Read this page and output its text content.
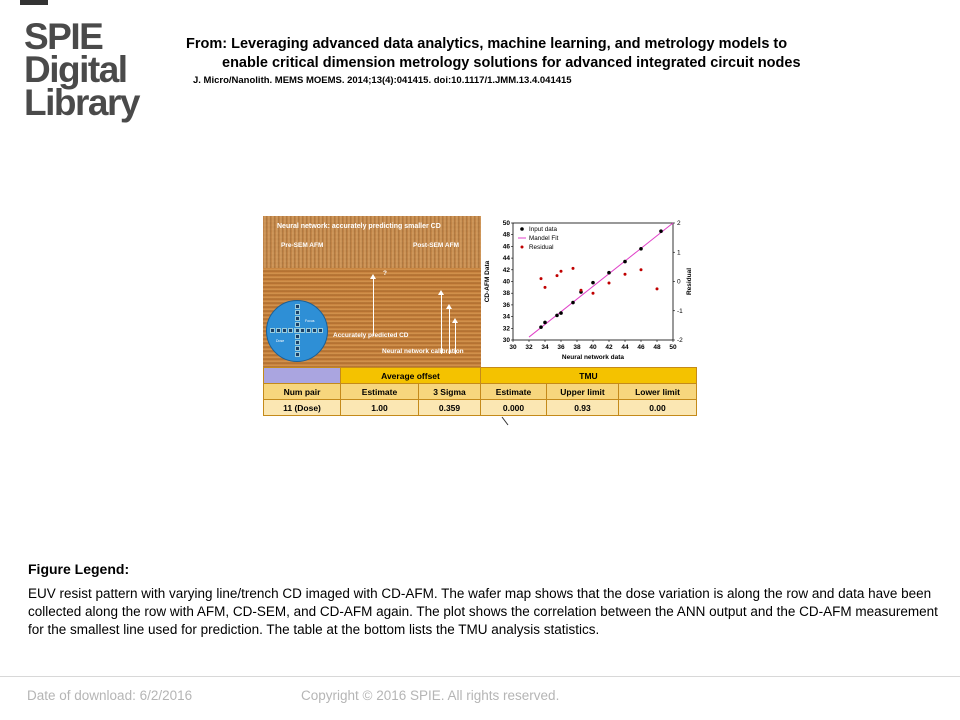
SPIE
Digital
Library
From: Leveraging advanced data analytics, machine learning, and metrology models to
enable critical dimension metrology solutions for advanced integrated circuit nodes
J. Micro/Nanolith. MEMS MOEMS. 2014;13(4):041415. doi:10.1117/1.JMM.13.4.041415
Neural network: accurately predicting smaller CD
Pre-SEM AFM	Post-SEM AFM
?
Accurately predicted CD
Neural network calibration
Focus
Dose
30 32 34 36 38 40 42 44 46 48 50
30
32
34
36
38
40
42
44
46
48
50
-2
-1
0
1
2
Neural network data
CD-AFM Data	Residual
Input data
Mandel Fit
Residual
	Average offset		TMU		
Num pair	Estimate	3 Sigma	Estimate	Upper limit	Lower limit
11 (Dose)	1.00	0.359	0.000	0.93	0.00
Figure Legend:
EUV resist pattern with varying line/trench CD imaged with CD-AFM. The wafer map shows that the dose variation is along the row and data have been collected along the row with AFM, CD-SEM, and CD-AFM again. The plot shows the correlation between the ANN output and the CD-AFM measurement for the smallest line used for prediction. The table at the bottom lists the TMU analysis statistics.
Date of download: 6/2/2016	Copyright © 2016 SPIE. All rights reserved.
